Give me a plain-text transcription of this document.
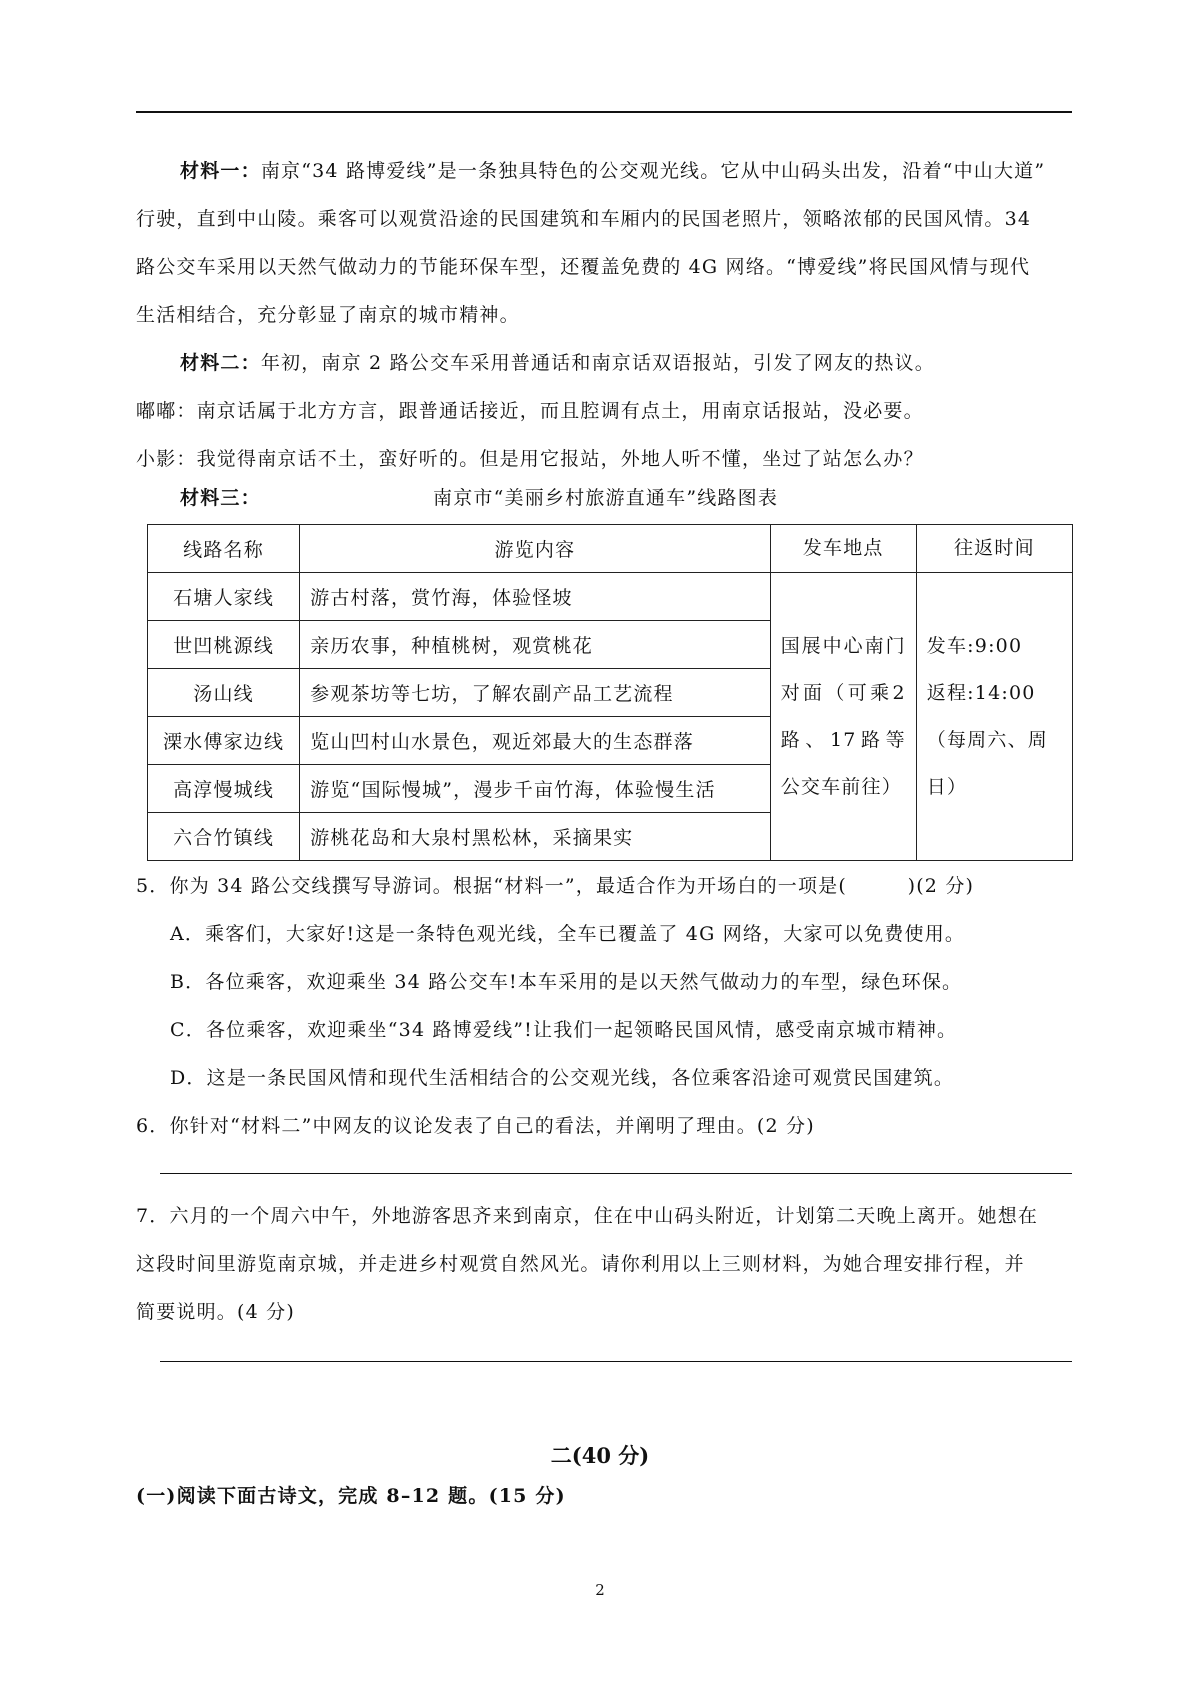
材料一：南京“34 路博爱线”是一条独具特色的公交观光线。它从中山码头出发，沿着“中山大道”
行驶，直到中山陵。乘客可以观赏沿途的民国建筑和车厢内的民国老照片，领略浓郁的民国风情。34
路公交车采用以天然气做动力的节能环保车型，还覆盖免费的 4G 网络。“博爱线”将民国风情与现代
生活相结合，充分彰显了南京的城市精神。
材料二：年初，南京 2 路公交车采用普通话和南京话双语报站，引发了网友的热议。
嘟嘟：南京话属于北方方言，跟普通话接近，而且腔调有点土，用南京话报站，没必要。
小影：我觉得南京话不土，蛮好听的。但是用它报站，外地人听不懂，坐过了站怎么办？
材料三：	南京市“美丽乡村旅游直通车”线路图表
线路名称	游览内容	发车地点	往返时间
石塘人家线	游古村落，赏竹海，体验怪坡	国展中心南门对面（可乘2路、17路等公交车前往）	发车:9:00
返程:14:00
（每周六、周
日）

世凹桃源线	亲历农事，种植桃树，观赏桃花		
汤山线	参观茶坊等七坊，了解农副产品工艺流程		
溧水傅家边线	览山凹村山水景色，观近郊最大的生态群落		
高淳慢城线	游览“国际慢城”，漫步千亩竹海，体验慢生活		
六合竹镇线	游桃花岛和大泉村黑松林，采摘果实		
5．你为 34 路公交线撰写导游词。根据“材料一”，最适合作为开场白的一项是(　　　)(2 分)
A．乘客们，大家好!这是一条特色观光线，全车已覆盖了 4G 网络，大家可以免费使用。
B．各位乘客，欢迎乘坐 34 路公交车!本车采用的是以天然气做动力的车型，绿色环保。
C．各位乘客，欢迎乘坐“34 路博爱线”!让我们一起领略民国风情，感受南京城市精神。
D．这是一条民国风情和现代生活相结合的公交观光线，各位乘客沿途可观赏民国建筑。
6．你针对“材料二”中网友的议论发表了自己的看法，并阐明了理由。(2 分)
7．六月的一个周六中午，外地游客思齐来到南京，住在中山码头附近，计划第二天晚上离开。她想在
这段时间里游览南京城，并走进乡村观赏自然风光。请你利用以上三则材料，为她合理安排行程，并
简要说明。(4 分)
二(40 分)
(一)阅读下面古诗文，完成 8–12 题。(15 分)
2
